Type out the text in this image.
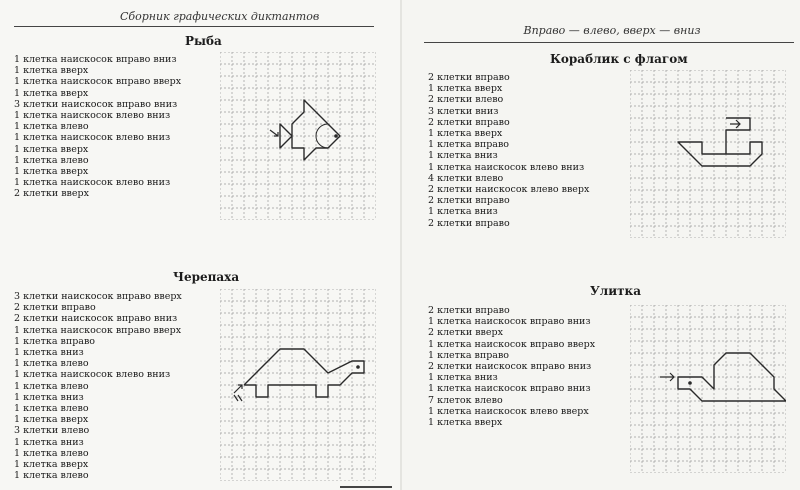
Сборник графических диктантов
Рыба
1 клетка наискосок вправо вниз
1 клетка вверх
1 клетка наискосок вправо вверх
1 клетка вверх
3 клетки наискосок вправо вниз
1 клетка наискосок влево вниз
1 клетка влево
1 клетка наискосок влево вниз
1 клетка вверх
1 клетка влево
1 клетка вверх
1 клетка наискосок влево вниз
2 клетки вверх
Черепаха
3 клетки наискосок вправо вверх
2 клетки вправо
2 клетки наискосок вправо вниз
1 клетка наискосок вправо вверх
1 клетка вправо
1 клетка вниз
1 клетка влево
1 клетка наискосок влево вниз
1 клетка влево
1 клетка вниз
1 клетка влево
1 клетка вверх
3 клетки влево
1 клетка вниз
1 клетка влево
1 клетка вверх
1 клетка влево
Вправо — влево, вверх — вниз
Кораблик с флагом
2 клетки вправо
1 клетка вверх
2 клетки влево
3 клетки вниз
2 клетки вправо
1 клетка вверх
1 клетка вправо
1 клетка вниз
1 клетка наискосок влево вниз
4 клетки влево
2 клетки наискосок влево вверх
2 клетки вправо
1 клетка вниз
2 клетки вправо
Улитка
2 клетки вправо
1 клетка наискосок вправо вниз
2 клетки вверх
1 клетка наискосок вправо вверх
1 клетка вправо
2 клетки наискосок вправо вниз
1 клетка вниз
1 клетка наискосок вправо вниз
7 клеток влево
1 клетка наискосок влево вверх
1 клетка вверх
